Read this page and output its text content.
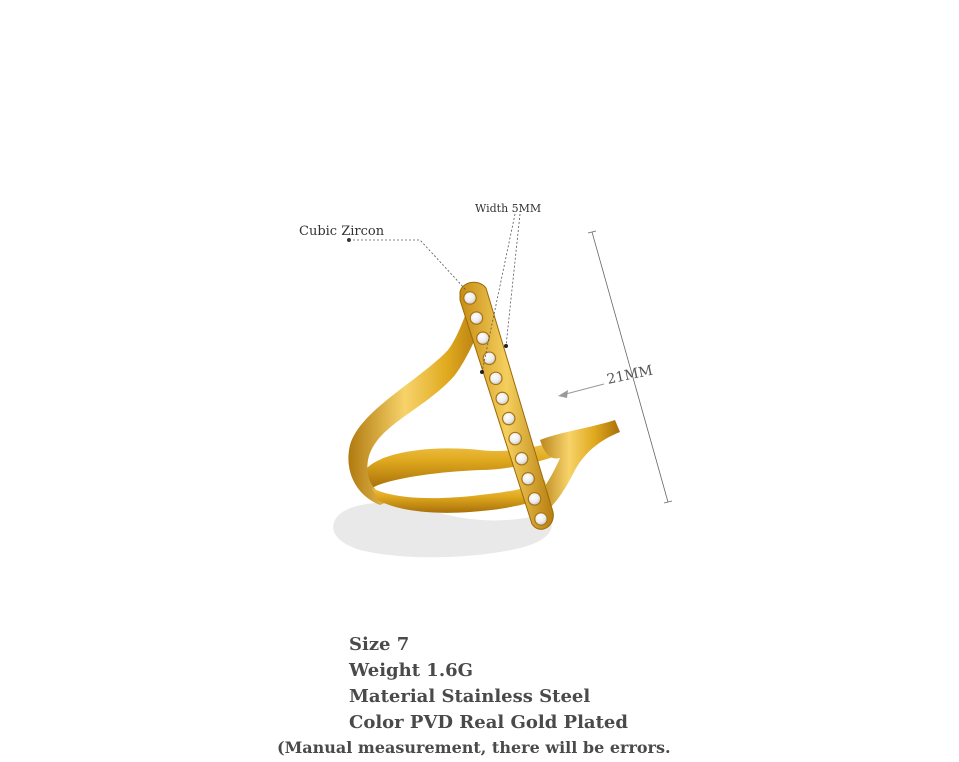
Cubic Zircon
Width 5MM
21MM
Size 7
Weight 1.6G
Material Stainless Steel
Color PVD Real Gold Plated
(Manual measurement, there will be errors.
